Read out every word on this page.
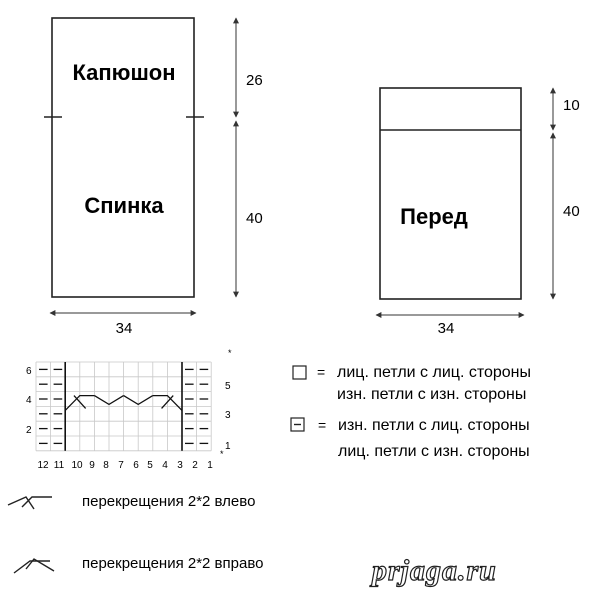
Капюшон
Спинка
26
40
34
Перед
10
40
34
6
4
2
5
3
1
*
*
12 11 10 9 8 7 6 5 4 3 2 1
= лиц. петли с лиц. стороны
изн. петли с изн. стороны
= изн. петли с лиц. стороны
лиц. петли с изн. стороны
перекрещения 2*2 влево
перекрещения 2*2 вправо	prjaga.ru
